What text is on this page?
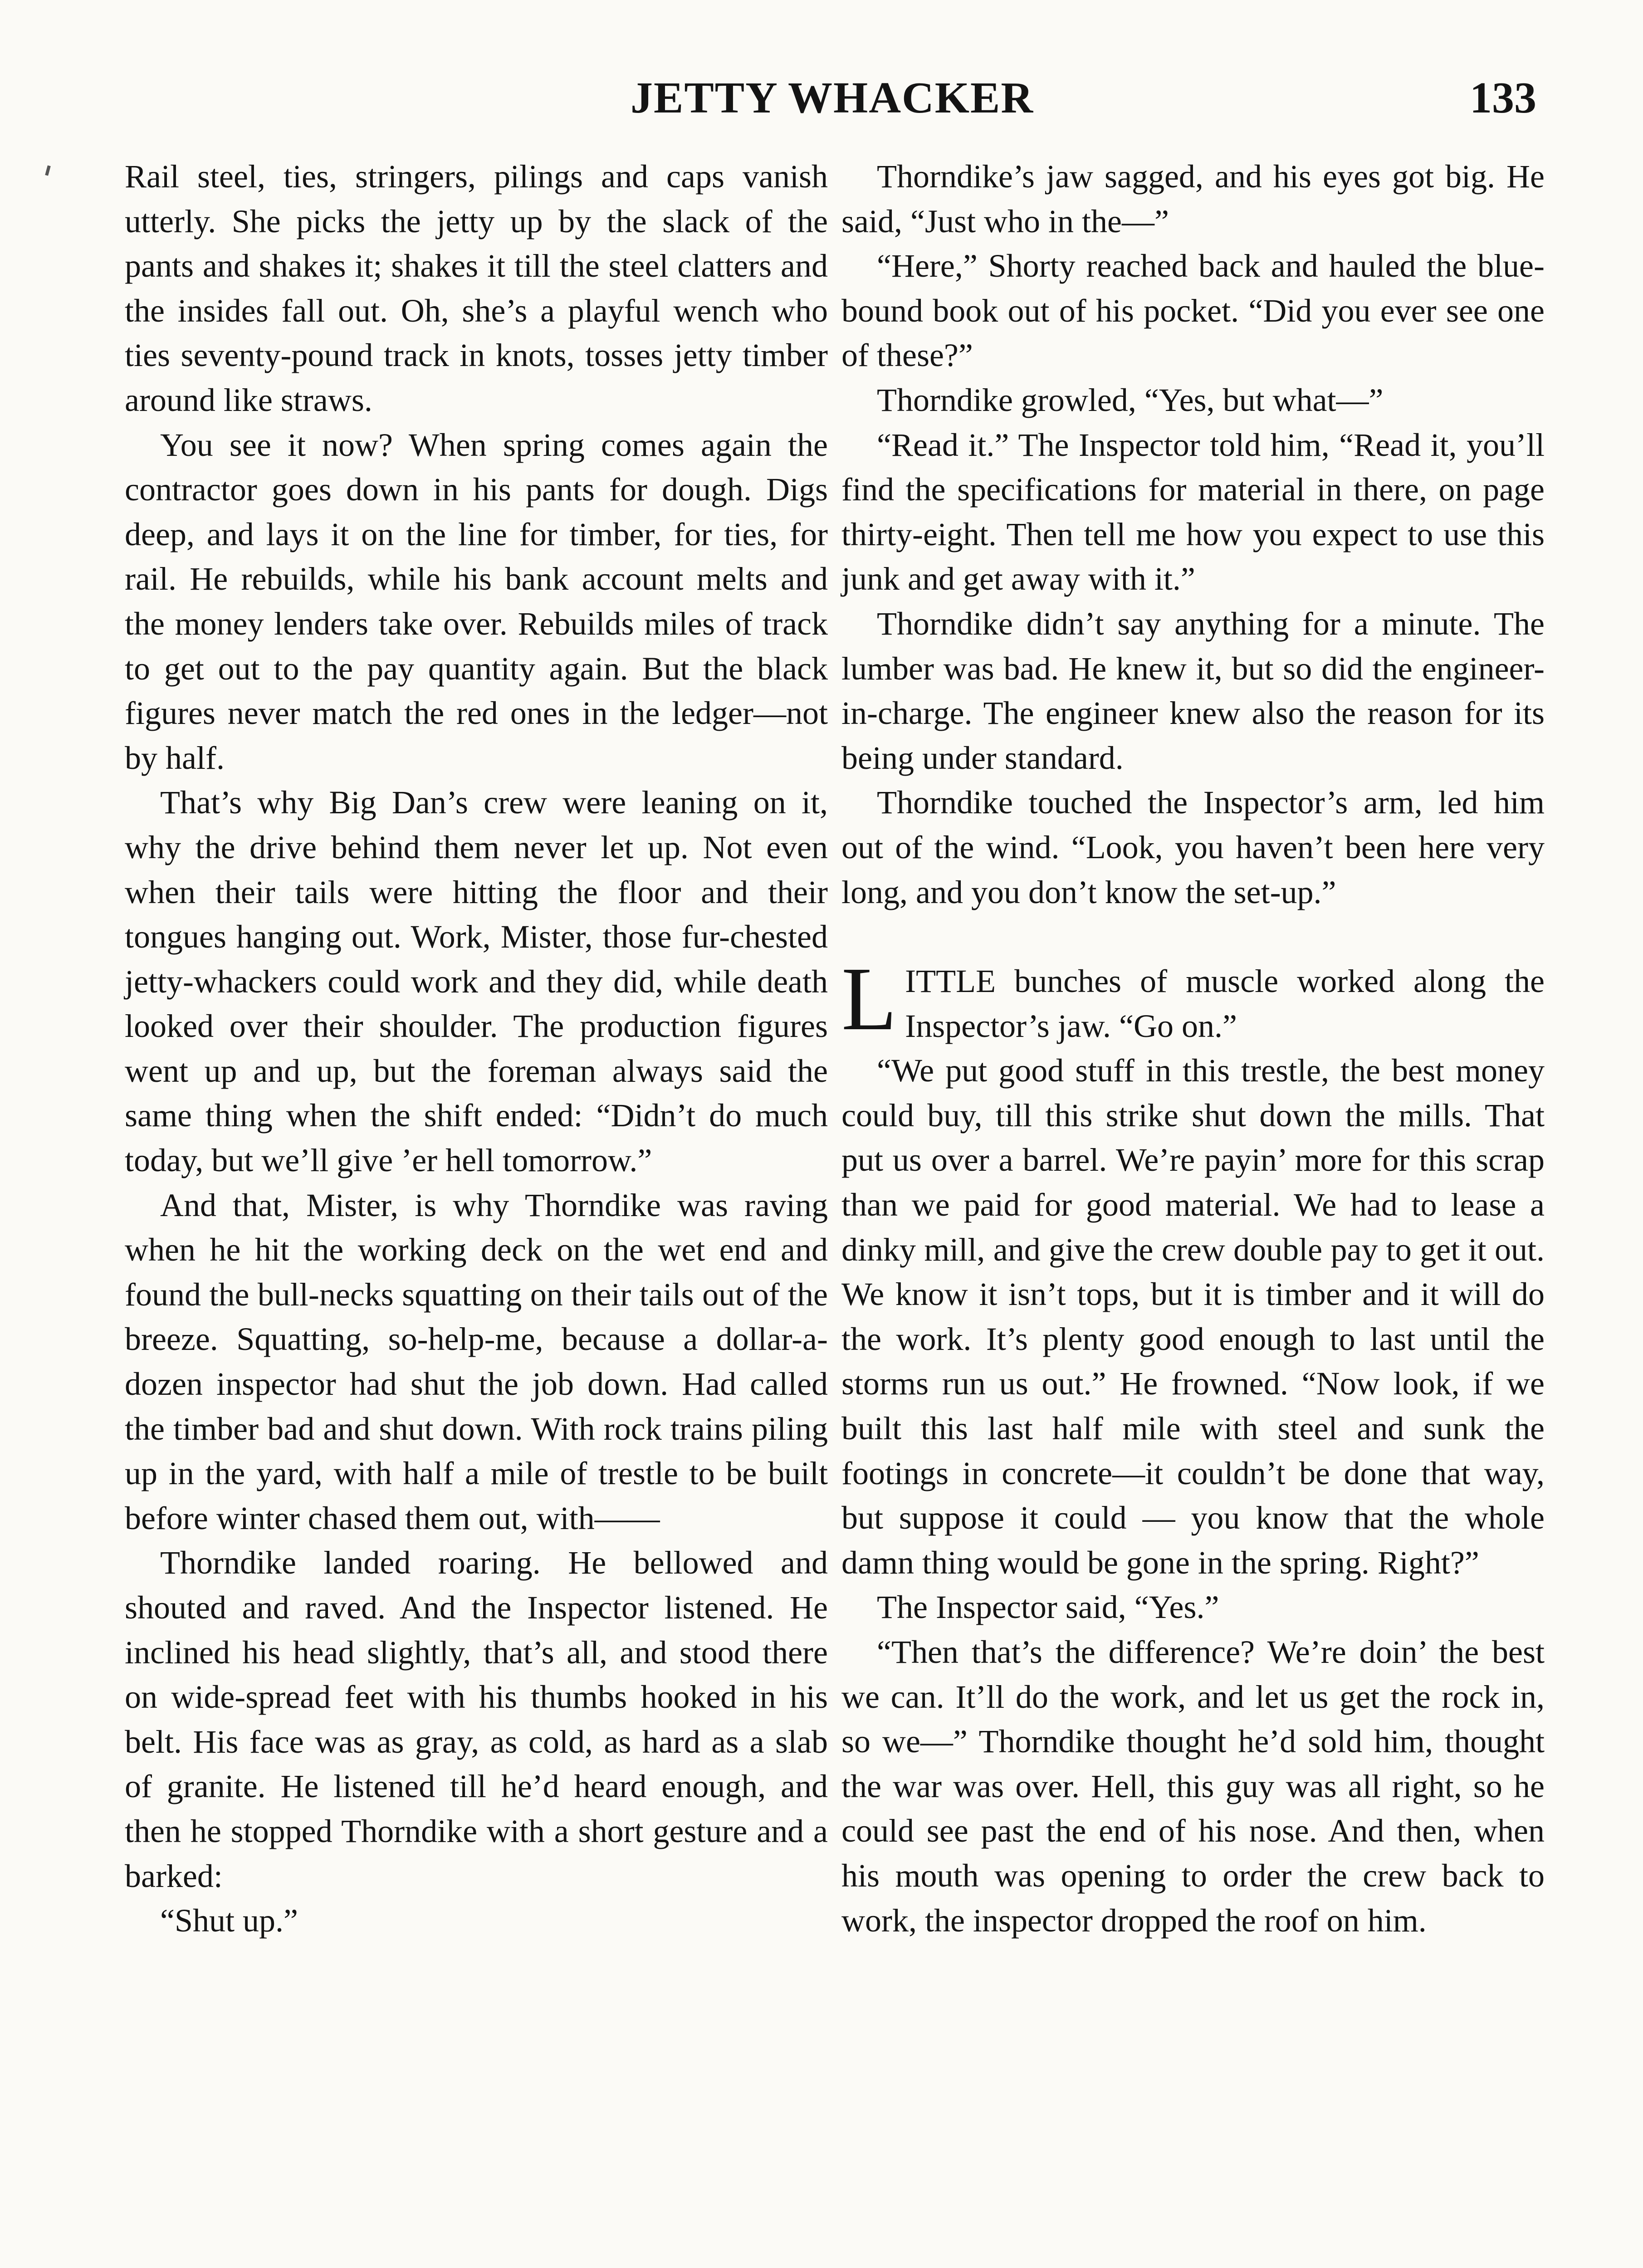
JETTY WHACKER	133

Rail steel, ties, stringers, pilings and caps vanish utterly. She picks the jetty up by the slack of the pants and shakes it; shakes it till the steel clatters and the insides fall out. Oh, she’s a playful wench who ties seventy-pound track in knots, tosses jetty timber around like straws.

You see it now? When spring comes again the contractor goes down in his pants for dough. Digs deep, and lays it on the line for timber, for ties, for rail. He rebuilds, while his bank account melts and the money lenders take over. Rebuilds miles of track to get out to the pay quantity again. But the black figures never match the red ones in the ledger—not by half.

That’s why Big Dan’s crew were leaning on it, why the drive behind them never let up. Not even when their tails were hitting the floor and their tongues hanging out. Work, Mister, those fur-chested jetty-whackers could work and they did, while death looked over their shoulder. The production figures went up and up, but the foreman always said the same thing when the shift ended: “Didn’t do much today, but we’ll give ’er hell tomorrow.”

And that, Mister, is why Thorndike was raving when he hit the working deck on the wet end and found the bull-necks squatting on their tails out of the breeze. Squatting, so-help-me, because a dollar-a-dozen inspector had shut the job down. Had called the timber bad and shut down. With rock trains piling up in the yard, with half a mile of trestle to be built before winter chased them out, with——

Thorndike landed roaring. He bellowed and shouted and raved. And the Inspector listened. He inclined his head slightly, that’s all, and stood there on wide-spread feet with his thumbs hooked in his belt. His face was as gray, as cold, as hard as a slab of granite. He listened till he’d heard enough, and then he stopped Thorndike with a short gesture and a barked:

“Shut up.”

Thorndike’s jaw sagged, and his eyes got big. He said, “Just who in the—”

“Here,” Shorty reached back and hauled the blue-bound book out of his pocket. “Did you ever see one of these?”

Thorndike growled, “Yes, but what—”

“Read it.” The Inspector told him, “Read it, you’ll find the specifications for material in there, on page thirty-eight. Then tell me how you expect to use this junk and get away with it.”

Thorndike didn’t say anything for a minute. The lumber was bad. He knew it, but so did the engineer-in-charge. The engineer knew also the reason for its being under standard.

Thorndike touched the Inspector’s arm, led him out of the wind. “Look, you haven’t been here very long, and you don’t know the set-up.”

LITTLE bunches of muscle worked along the Inspector’s jaw. “Go on.”

“We put good stuff in this trestle, the best money could buy, till this strike shut down the mills. That put us over a barrel. We’re payin’ more for this scrap than we paid for good material. We had to lease a dinky mill, and give the crew double pay to get it out. We know it isn’t tops, but it is timber and it will do the work. It’s plenty good enough to last until the storms run us out.” He frowned. “Now look, if we built this last half mile with steel and sunk the footings in concrete—it couldn’t be done that way, but suppose it could — you know that the whole damn thing would be gone in the spring. Right?”

The Inspector said, “Yes.”

“Then that’s the difference? We’re doin’ the best we can. It’ll do the work, and let us get the rock in, so we—” Thorndike thought he’d sold him, thought the war was over. Hell, this guy was all right, so he could see past the end of his nose. And then, when his mouth was opening to order the crew back to work, the inspector dropped the roof on him.
